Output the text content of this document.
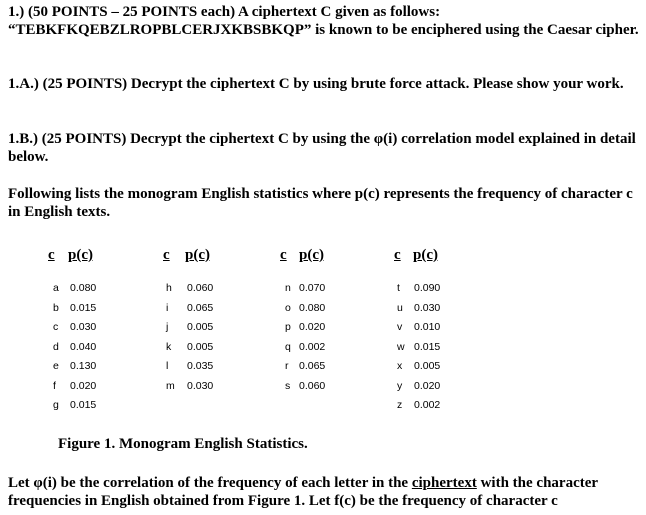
1.) (50 POINTS – 25 POINTS each) A ciphertext C given as follows: “TEBKFKQEBZLROPBLCERJXKBSBKQP” is known to be enciphered using the Caesar cipher.

1.A.) (25 POINTS) Decrypt the ciphertext C by using brute force attack. Please show your work.

1.B.) (25 POINTS) Decrypt the ciphertext C by using the φ(i) correlation model explained in detail below.

Following lists the monogram English statistics where p(c) represents the frequency of character c in English texts.

c p(c)
a 0.080
b 0.015
c 0.030
d 0.040
e 0.130
f 0.020
g 0.015
c p(c)
h 0.060
i 0.065
j 0.005
k 0.005
l 0.035
m 0.030
c p(c)
n 0.070
o 0.080
p 0.020
q 0.002
r 0.065
s 0.060
c p(c)
t 0.090
u 0.030
v 0.010
w 0.015
x 0.005
y 0.020
z 0.002
Figure 1. Monogram English Statistics.

Let φ(i) be the correlation of the frequency of each letter in the ciphertext with the character frequencies in English obtained from Figure 1. Let f(c) be the frequency of character c
